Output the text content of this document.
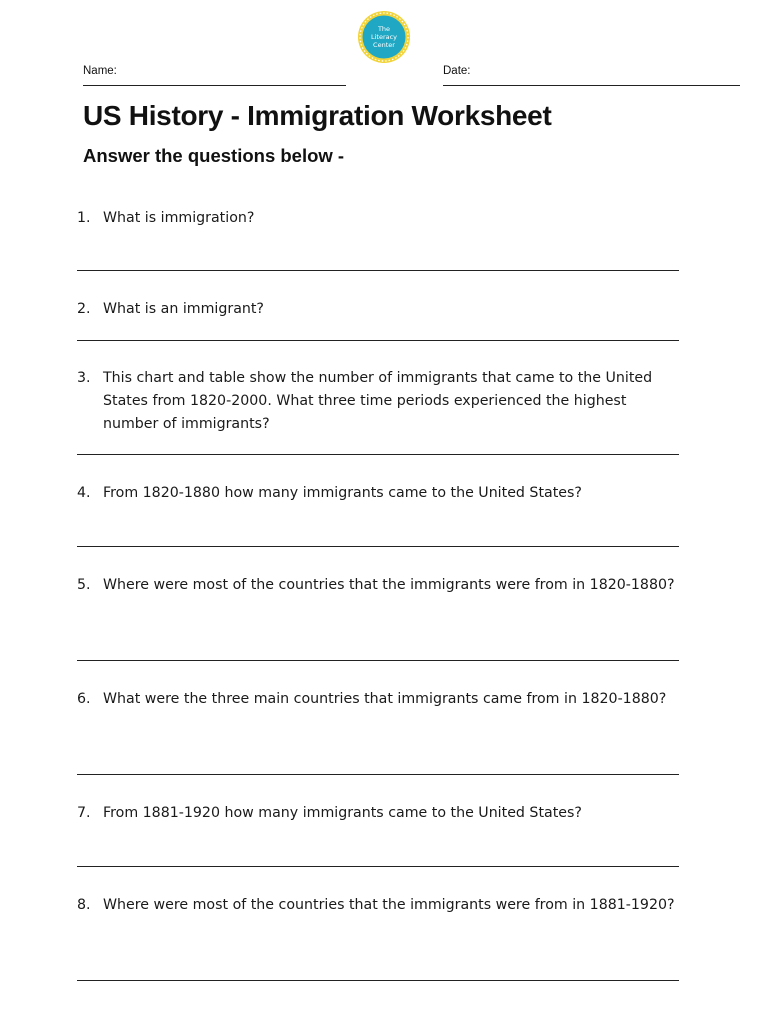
The
Literacy
Center
Name:	Date:
US History - Immigration Worksheet
Answer the questions below -
1. What is immigration?
2. What is an immigrant?
3. This chart and table show the number of immigrants that came to the United States from 1820-2000. What three time periods experienced the highest number of immigrants?
4. From 1820-1880 how many immigrants came to the United States?
5. Where were most of the countries that the immigrants were from in 1820-1880?
6. What were the three main countries that immigrants came from in 1820-1880?
7. From 1881-1920 how many immigrants came to the United States?
8. Where were most of the countries that the immigrants were from in 1881-1920?
